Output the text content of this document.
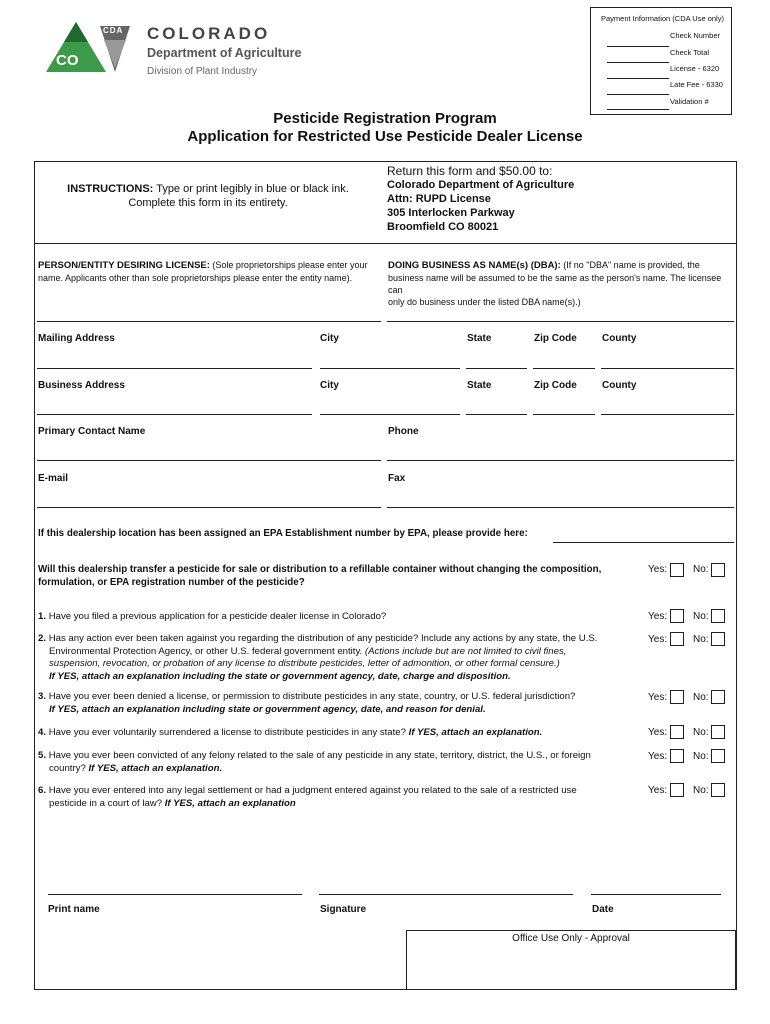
CDA
CO
COLORADO
Department of Agriculture
Division of Plant Industry
Payment Information (CDA Use only)
Check Number
Check Total
License - 6320
Late Fee - 6330
Validation #
Pesticide Registration Program
Application for Restricted Use Pesticide Dealer License
INSTRUCTIONS: Type or print legibly in blue or black ink.
Complete this form in its entirety.
Return this form and $50.00 to:
Colorado Department of Agriculture
Attn: RUPD License
305 Interlocken Parkway
Broomfield CO 80021
PERSON/ENTITY DESIRING LICENSE: (Sole proprietorships please enter your
name. Applicants other than sole proprietorships please enter the entity name).
DOING BUSINESS AS NAME(s) (DBA): (If no "DBA" name is provided, the
business name will be assumed to be the same as the person's name. The licensee can
only do business under the listed DBA name(s).)
Mailing Address	City	State	Zip Code	County
Business Address	City	State	Zip Code	County
Primary Contact Name	Phone
E-mail	Fax
If this dealership location has been assigned an EPA Establishment number by EPA, please provide here:
Will this dealership transfer a pesticide for sale or distribution to a refillable container without changing the composition,
formulation, or EPA registration number of the pesticide?
Yes:	No:
1. Have you filed a previous application for a pesticide dealer license in Colorado?	Yes:	No:
2. Has any action ever been taken against you regarding the distribution of any pesticide? Include any actions by any state, the U.S.
Environmental Protection Agency, or other U.S. federal government entity. (Actions include but are not limited to civil fines,
suspension, revocation, or probation of any license to distribute pesticides, letter of admonition, or other formal censure.)
If YES, attach an explanation including the state or government agency, date, charge and disposition.
Yes:	No:
3. Have you ever been denied a license, or permission to distribute pesticides in any state, country, or U.S. federal jurisdiction?
If YES, attach an explanation including state or government agency, date, and reason for denial.
Yes:	No:
4. Have you ever voluntarily surrendered a license to distribute pesticides in any state? If YES, attach an explanation.	Yes:	No:
5. Have you ever been convicted of any felony related to the sale of any pesticide in any state, territory, district, the U.S., or foreign
country? If YES, attach an explanation.
Yes:	No:
6. Have you ever entered into any legal settlement or had a judgment entered against you related to the sale of a restricted use
pesticide in a court of law? If YES, attach an explanation
Yes:	No:
Print name	Signature	Date
Office Use Only - Approval
